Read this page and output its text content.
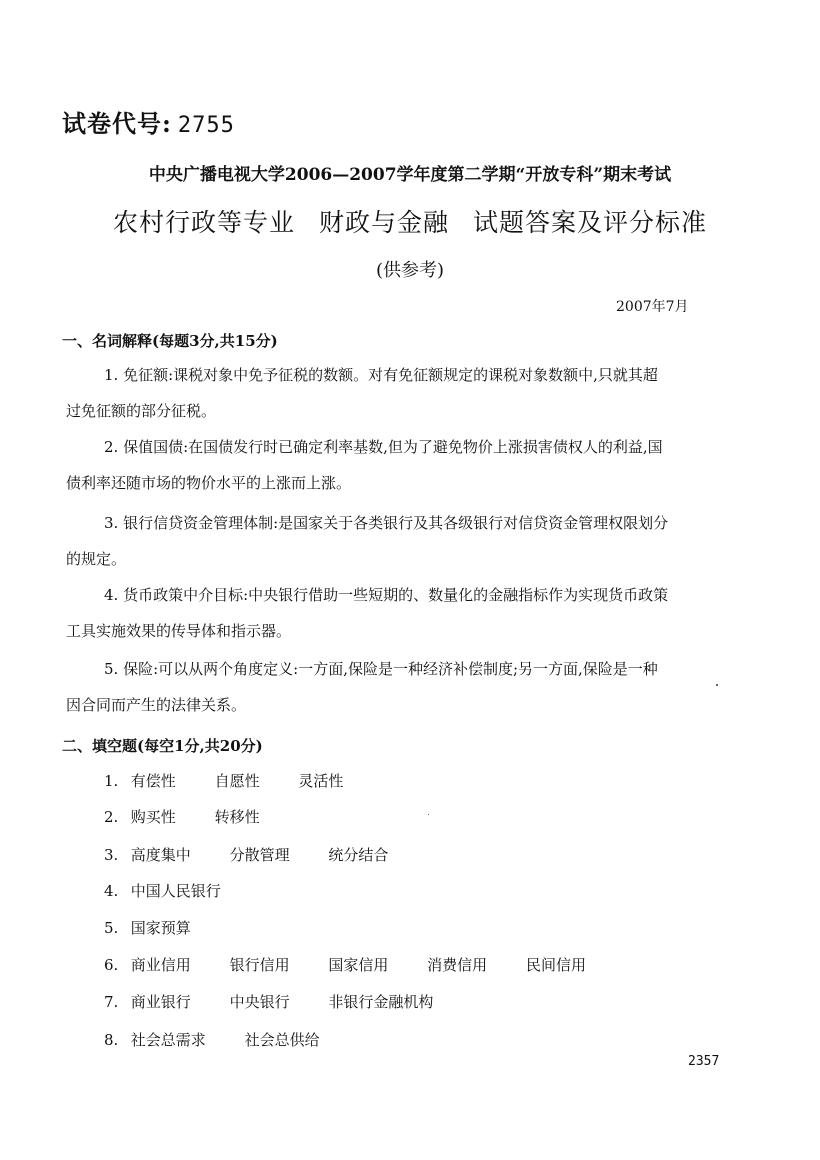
试卷代号: 2755
中央广播电视大学2006—2007学年度第二学期“开放专科”期末考试
农村行政等专业 财政与金融 试题答案及评分标准
(供参考)
2007年7月
一、名词解释(每题3分,共15分)
1. 免征额:课税对象中免予征税的数额。对有免征额规定的课税对象数额中,只就其超
过免征额的部分征税。
2. 保值国债:在国债发行时已确定利率基数,但为了避免物价上涨损害债权人的利益,国
债利率还随市场的物价水平的上涨而上涨。
3. 银行信贷资金管理体制:是国家关于各类银行及其各级银行对信贷资金管理权限划分
的规定。
4. 货币政策中介目标:中央银行借助一些短期的、数量化的金融指标作为实现货币政策
工具实施效果的传导体和指示器。
5. 保险:可以从两个角度定义:一方面,保险是一种经济补偿制度;另一方面,保险是一种
因合同而产生的法律关系。
二、填空题(每空1分,共20分)
1. 有偿性	自愿性	灵活性
2. 购买性	转移性
3. 高度集中	分散管理	统分结合
4. 中国人民银行
5. 国家预算
6. 商业信用	银行信用	国家信用	消费信用	民间信用
7. 商业银行	中央银行	非银行金融机构
8. 社会总需求	社会总供给
2357
